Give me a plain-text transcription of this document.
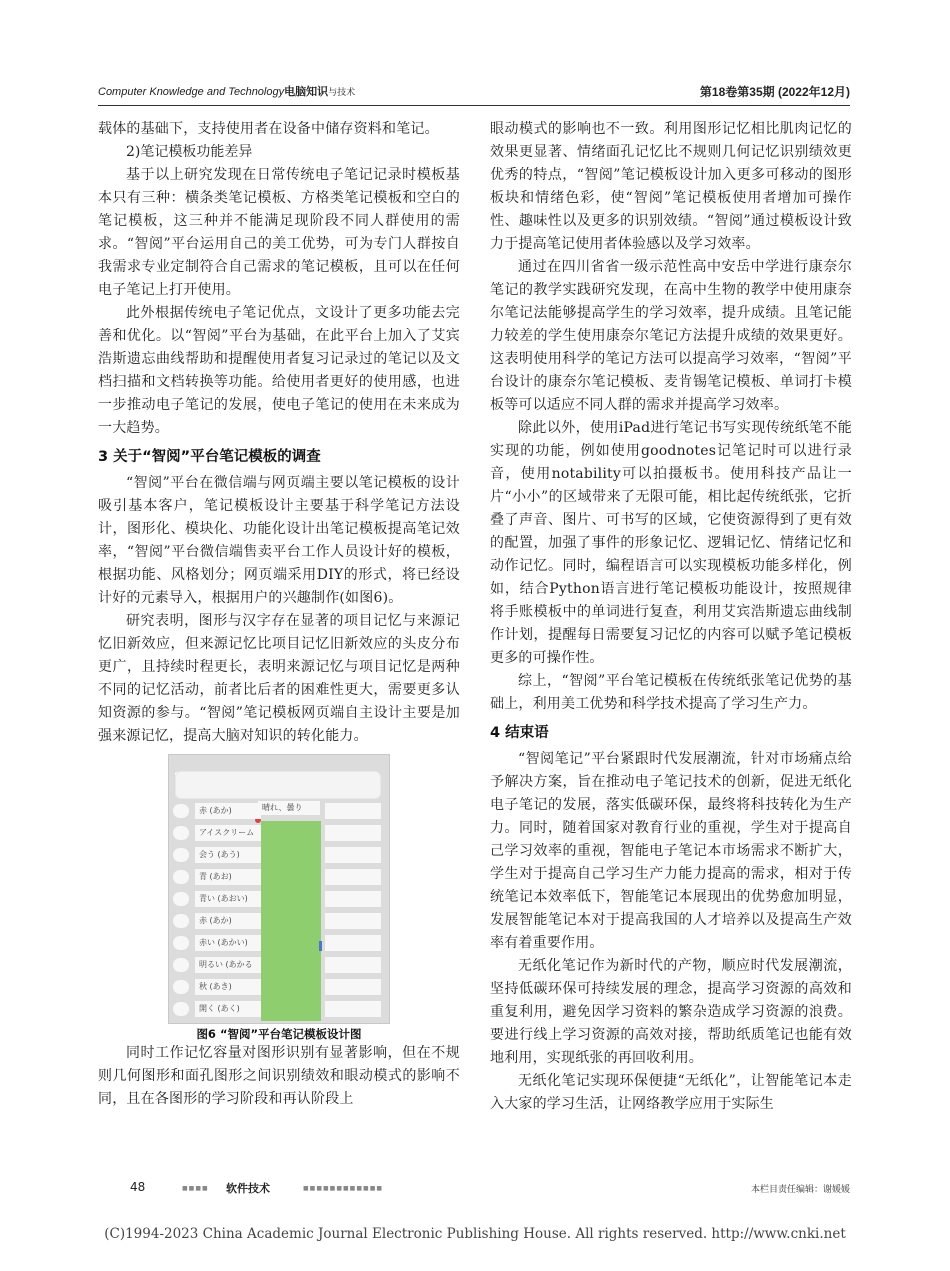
Computer Knowledge and Technology电脑知识与技术	第18卷第35期 (2022年12月)

载体的基础下，支持使用者在设备中储存资料和笔记。

2)笔记模板功能差异

基于以上研究发现在日常传统电子笔记记录时模板基本只有三种：横条类笔记模板、方格类笔记模板和空白的笔记模板，这三种并不能满足现阶段不同人群使用的需求。“智阅”平台运用自己的美工优势，可为专门人群按自我需求专业定制符合自己需求的笔记模板，且可以在任何电子笔记上打开使用。

此外根据传统电子笔记优点，文设计了更多功能去完善和优化。以“智阅”平台为基础，在此平台上加入了艾宾浩斯遗忘曲线帮助和提醒使用者复习记录过的笔记以及文档扫描和文档转换等功能。给使用者更好的使用感，也进一步推动电子笔记的发展，使电子笔记的使用在未来成为一大趋势。

3 关于“智阅”平台笔记模板的调查

“智阅”平台在微信端与网页端主要以笔记模板的设计吸引基本客户，笔记模板设计主要基于科学笔记方法设计，图形化、模块化、功能化设计出笔记模板提高笔记效率，“智阅”平台微信端售卖平台工作人员设计好的模板，根据功能、风格划分；网页端采用DIY的形式，将已经设计好的元素导入，根据用户的兴趣制作(如图6)。

研究表明，图形与汉字存在显著的项目记忆与来源记忆旧新效应，但来源记忆比项目记忆旧新效应的头皮分布更广，且持续时程更长，表明来源记忆与项目记忆是两种不同的记忆活动，前者比后者的困难性更大，需要更多认知资源的参与。“智阅”笔记模板网页端自主设计主要是加强来源记忆，提高大脑对知识的转化能力。

晴れ、曇り
赤 (あか)
アイスクリーム
会う (あう)
青 (あお)
青い (あおい)
赤 (あか)
赤い (あかい)
明るい (あかる
秋 (あき)
開く (あく)
图6 “智阅”平台笔记模板设计图

同时工作记忆容量对图形识别有显著影响，但在不规则几何图形和面孔图形之间识别绩效和眼动模式的影响不同，且在各图形的学习阶段和再认阶段上

眼动模式的影响也不一致。利用图形记忆相比肌肉记忆的效果更显著、情绪面孔记忆比不规则几何记忆识别绩效更优秀的特点，“智阅”笔记模板设计加入更多可移动的图形板块和情绪色彩，使“智阅”笔记模板使用者增加可操作性、趣味性以及更多的识别效绩。“智阅”通过模板设计致力于提高笔记使用者体验感以及学习效率。

通过在四川省省一级示范性高中安岳中学进行康奈尔笔记的教学实践研究发现，在高中生物的教学中使用康奈尔笔记法能够提高学生的学习效率，提升成绩。且笔记能力较差的学生使用康奈尔笔记方法提升成绩的效果更好。这表明使用科学的笔记方法可以提高学习效率，“智阅”平台设计的康奈尔笔记模板、麦肯锡笔记模板、单词打卡模板等可以适应不同人群的需求并提高学习效率。

除此以外，使用iPad进行笔记书写实现传统纸笔不能实现的功能，例如使用goodnotes记笔记时可以进行录音，使用notability可以拍摄板书。使用科技产品让一片“小小”的区域带来了无限可能，相比起传统纸张，它折叠了声音、图片、可书写的区域，它使资源得到了更有效的配置，加强了事件的形象记忆、逻辑记忆、情绪记忆和动作记忆。同时，编程语言可以实现模板功能多样化，例如，结合Python语言进行笔记模板功能设计，按照规律将手账模板中的单词进行复查，利用艾宾浩斯遗忘曲线制作计划，提醒每日需要复习记忆的内容可以赋予笔记模板更多的可操作性。

综上，“智阅”平台笔记模板在传统纸张笔记优势的基础上，利用美工优势和科学技术提高了学习生产力。

4 结束语

“智阅笔记”平台紧跟时代发展潮流，针对市场痛点给予解决方案，旨在推动电子笔记技术的创新，促进无纸化电子笔记的发展，落实低碳环保，最终将科技转化为生产力。同时，随着国家对教育行业的重视，学生对于提高自己学习效率的重视，智能电子笔记本市场需求不断扩大，学生对于提高自己学习生产力能力提高的需求，相对于传统笔记本效率低下，智能笔记本展现出的优势愈加明显，发展智能笔记本对于提高我国的人才培养以及提高生产效率有着重要作用。

无纸化笔记作为新时代的产物，顺应时代发展潮流，坚持低碳环保可持续发展的理念，提高学习资源的高效和重复利用，避免因学习资料的繁杂造成学习资源的浪费。要进行线上学习资源的高效对接，帮助纸质笔记也能有效地利用，实现纸张的再回收利用。

无纸化笔记实现环保便捷“无纸化”，让智能笔记本走入大家的学习生活，让网络教学应用于实际生

48	■■■■ 软件技术	■■■■■■■■■■■■	本栏目责任编辑：谢媛媛
(C)1994-2023 China Academic Journal Electronic Publishing House. All rights reserved. http://www.cnki.net
